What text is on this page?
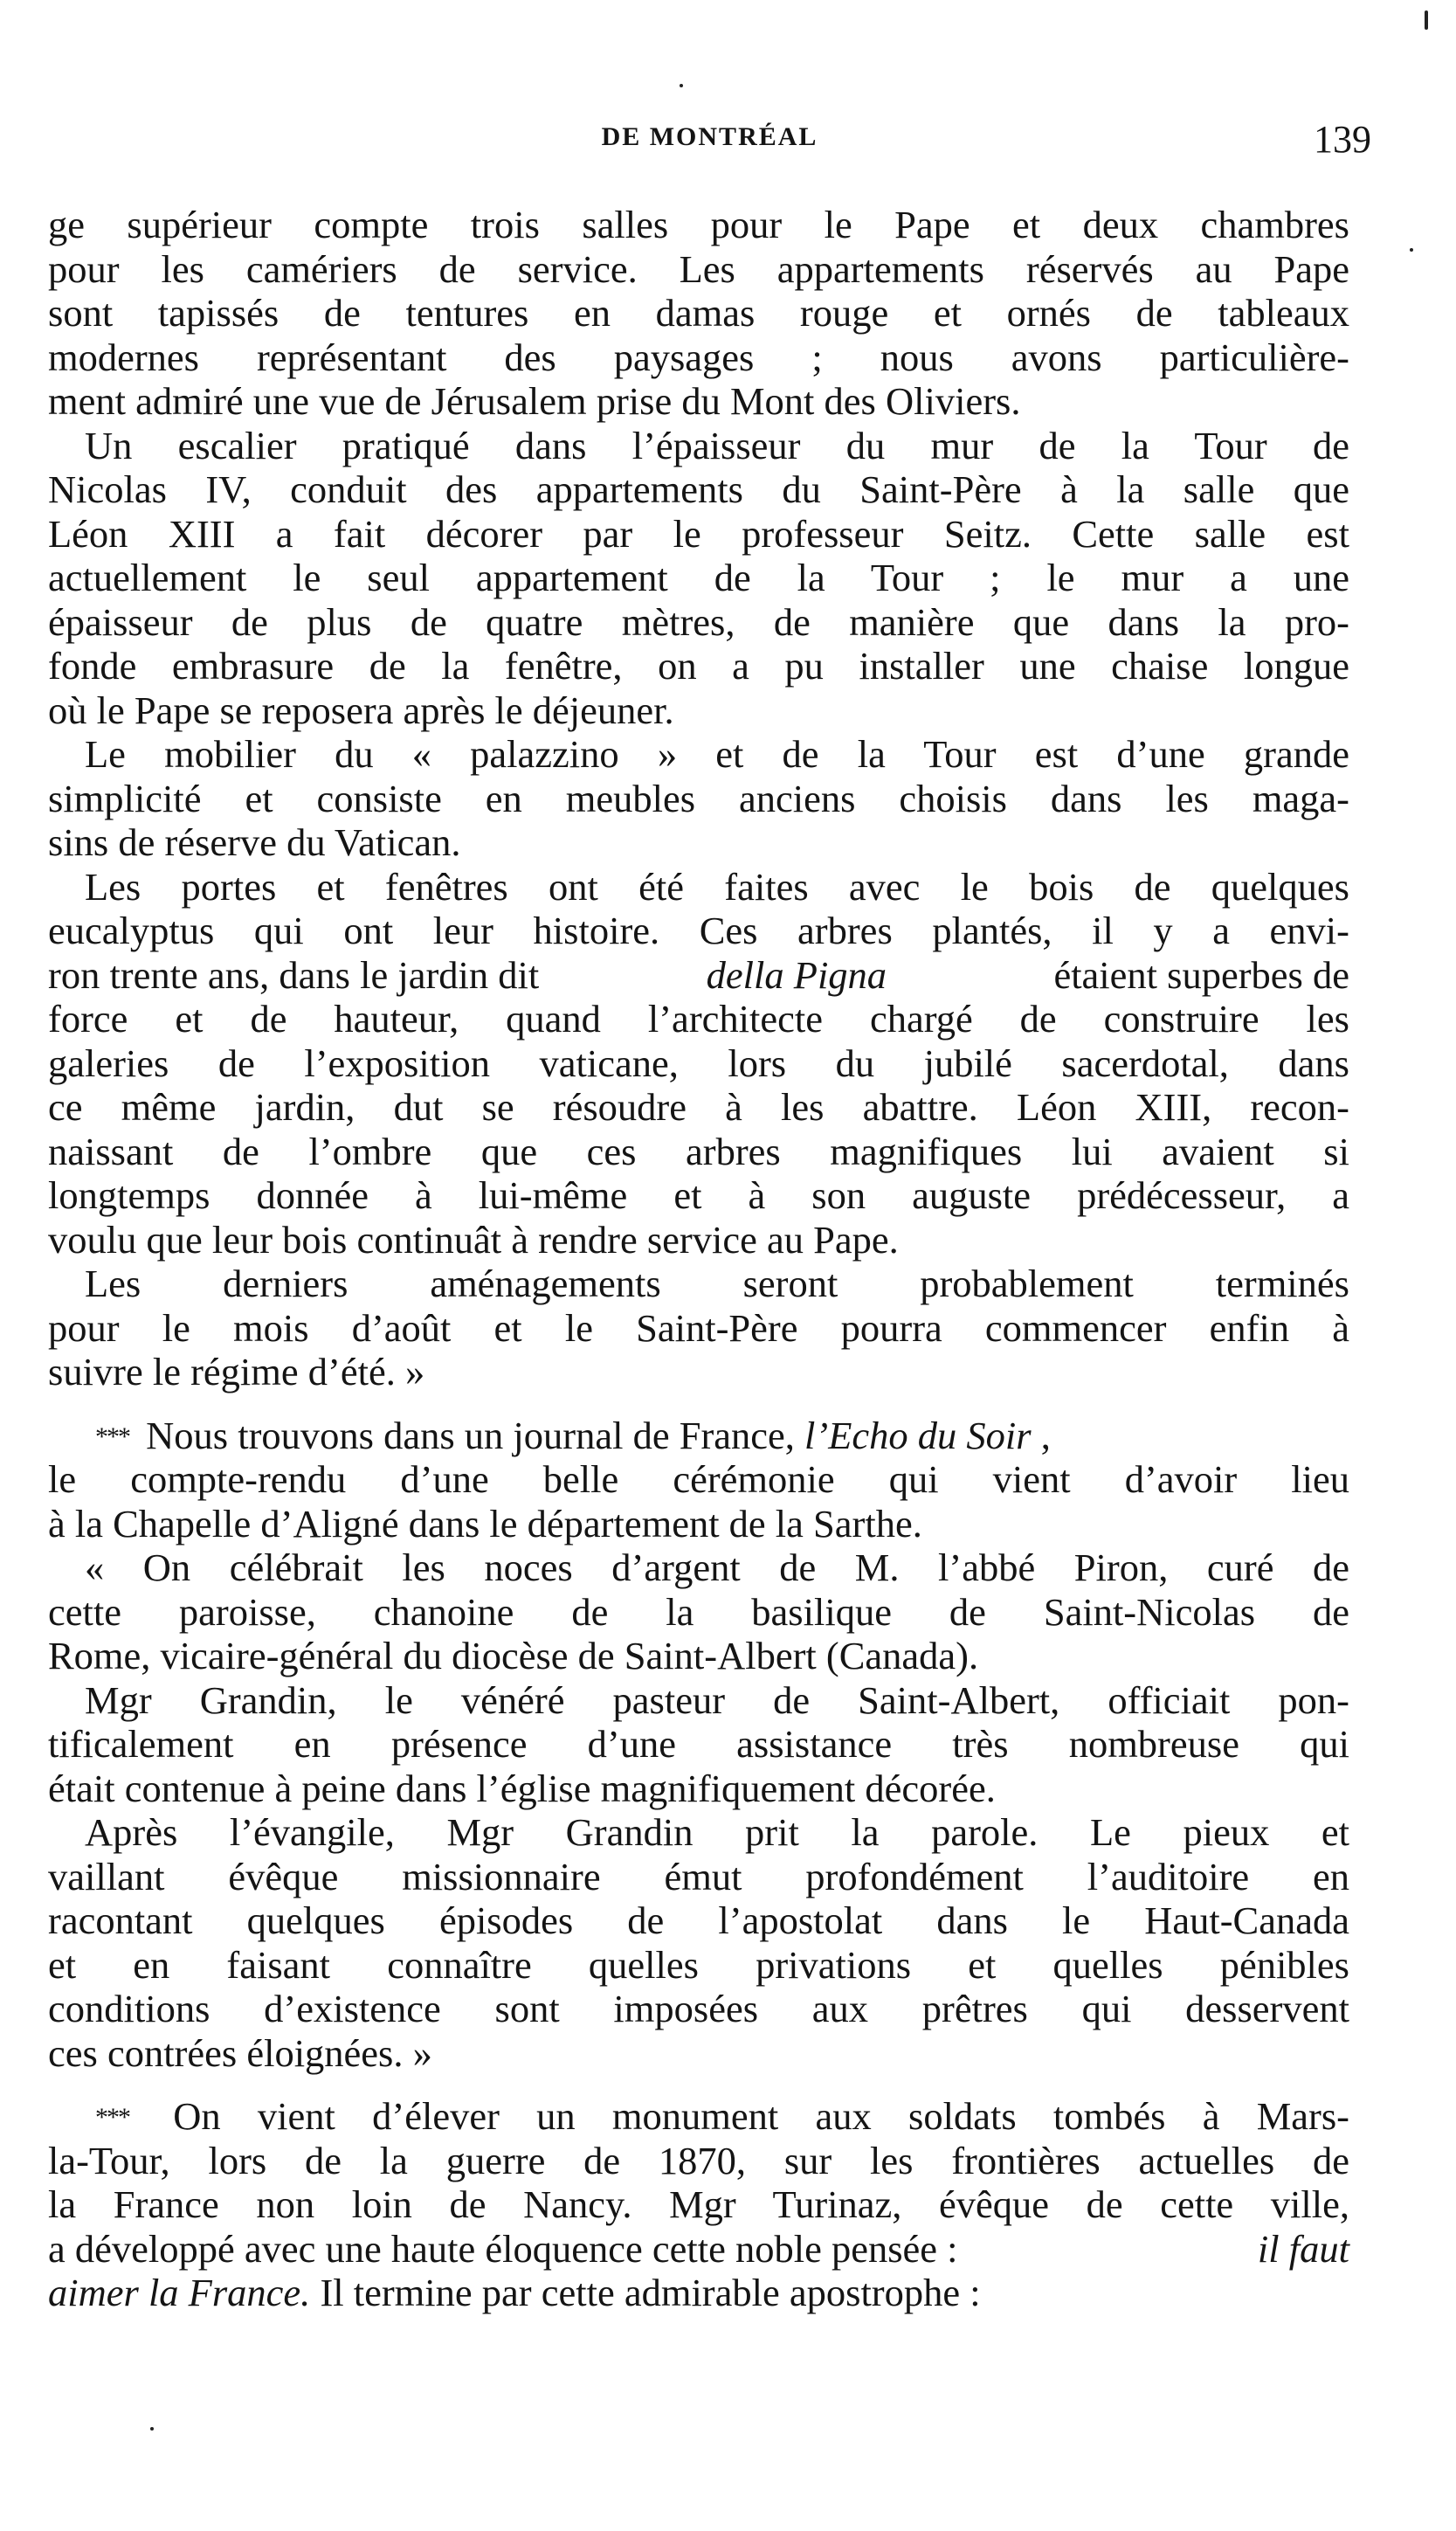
DE MONTRÉAL	139
ge supérieur compte trois salles pour le Pape et deux chambres
pour les camériers de service. Les appartements réservés au Pape
sont tapissés de tentures en damas rouge et ornés de tableaux
modernes représentant des paysages ; nous avons particulière-
ment admiré une vue de Jérusalem prise du Mont des Oliviers.
Un escalier pratiqué dans l’épaisseur du mur de la Tour de
Nicolas IV, conduit des appartements du Saint-Père à la salle que
Léon XIII a fait décorer par le professeur Seitz. Cette salle est
actuellement le seul appartement de la Tour ; le mur a une
épaisseur de plus de quatre mètres, de manière que dans la pro-
fonde embrasure de la fenêtre, on a pu installer une chaise longue
où le Pape se reposera après le déjeuner.
Le mobilier du « palazzino » et de la Tour est d’une grande
simplicité et consiste en meubles anciens choisis dans les maga-
sins de réserve du Vatican.
Les portes et fenêtres ont été faites avec le bois de quelques
eucalyptus qui ont leur histoire. Ces arbres plantés, il y a envi-
ron trente ans, dans le jardin dit	della Pigna	étaient superbes de
force et de hauteur, quand l’architecte chargé de construire les
galeries de l’exposition vaticane, lors du jubilé sacerdotal, dans
ce même jardin, dut se résoudre à les abattre. Léon XIII, recon-
naissant de l’ombre que ces arbres magnifiques lui avaient si
longtemps donnée à lui-même et à son auguste prédécesseur, a
voulu que leur bois continuât à rendre service au Pape.
Les derniers aménagements seront probablement terminés
pour le mois d’août et le Saint-Père pourra commencer enfin à
suivre le régime d’été. »
*** Nous trouvons dans un journal de France, l’Echo du Soir ,
le compte-rendu d’une belle cérémonie qui vient d’avoir lieu
à la Chapelle d’Aligné dans le département de la Sarthe.
« On célébrait les noces d’argent de M. l’abbé Piron, curé de
cette paroisse, chanoine de la basilique de Saint-Nicolas de
Rome, vicaire-général du diocèse de Saint-Albert (Canada).
Mgr Grandin, le vénéré pasteur de Saint-Albert, officiait pon-
tificalement en présence d’une assistance très nombreuse qui
était contenue à peine dans l’église magnifiquement décorée.
Après l’évangile, Mgr Grandin prit la parole. Le pieux et
vaillant évêque missionnaire émut profondément l’auditoire en
racontant quelques épisodes de l’apostolat dans le Haut-Canada
et en faisant connaître quelles privations et quelles pénibles
conditions d’existence sont imposées aux prêtres qui desservent
ces contrées éloignées. »
*** On vient d’élever un monument aux soldats tombés à Mars-
la-Tour, lors de la guerre de 1870, sur les frontières actuelles de
la France non loin de Nancy. Mgr Turinaz, évêque de cette ville,
a développé avec une haute éloquence cette noble pensée :	il faut
aimer la France. Il termine par cette admirable apostrophe :
